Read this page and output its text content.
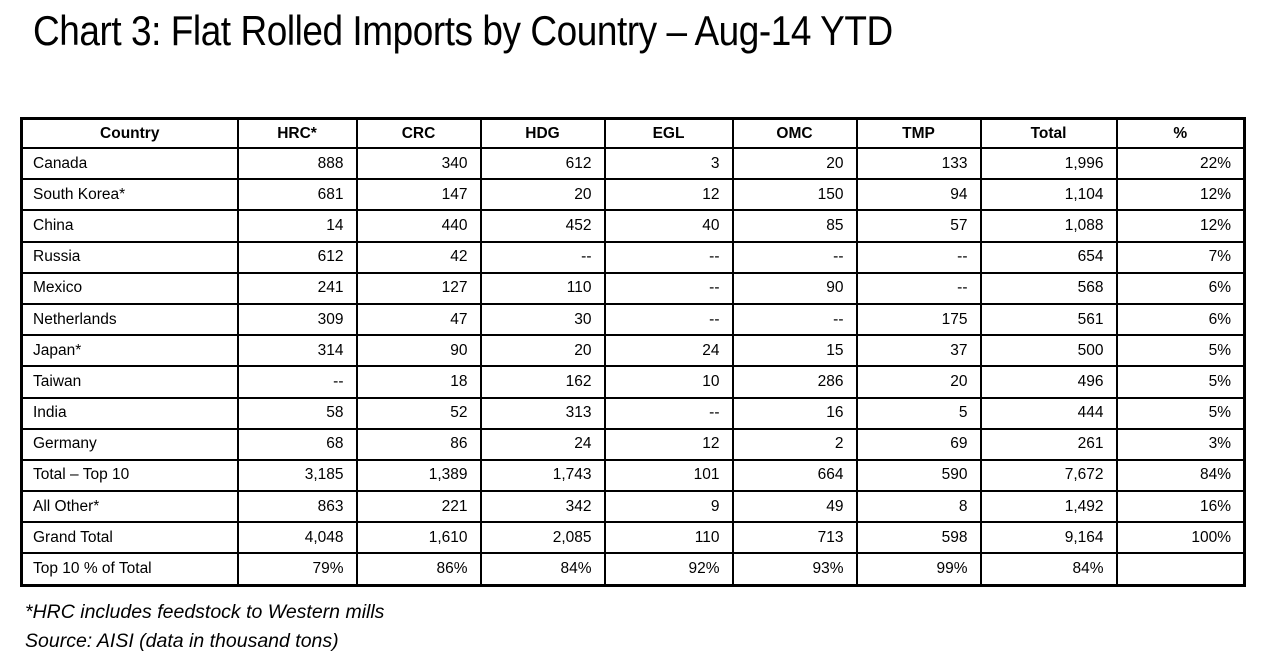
Chart 3: Flat Rolled Imports by Country – Aug-14 YTD
Country	HRC*	CRC	HDG	EGL	OMC	TMP	Total	%
Canada	888	340	612	3	20	133	1,996	22%
South Korea*	681	147	20	12	150	94	1,104	12%
China	14	440	452	40	85	57	1,088	12%
Russia	612	42	--	--	--	--	654	7%
Mexico	241	127	110	--	90	--	568	6%
Netherlands	309	47	30	--	--	175	561	6%
Japan*	314	90	20	24	15	37	500	5%
Taiwan	--	18	162	10	286	20	496	5%
India	58	52	313	--	16	5	444	5%
Germany	68	86	24	12	2	69	261	3%
Total – Top 10	3,185	1,389	1,743	101	664	590	7,672	84%
All Other*	863	221	342	9	49	8	1,492	16%
Grand Total	4,048	1,610	2,085	110	713	598	9,164	100%
Top 10 % of Total	79%	86%	84%	92%	93%	99%	84%	
*HRC includes feedstock to Western mills
Source: AISI (data in thousand tons)
